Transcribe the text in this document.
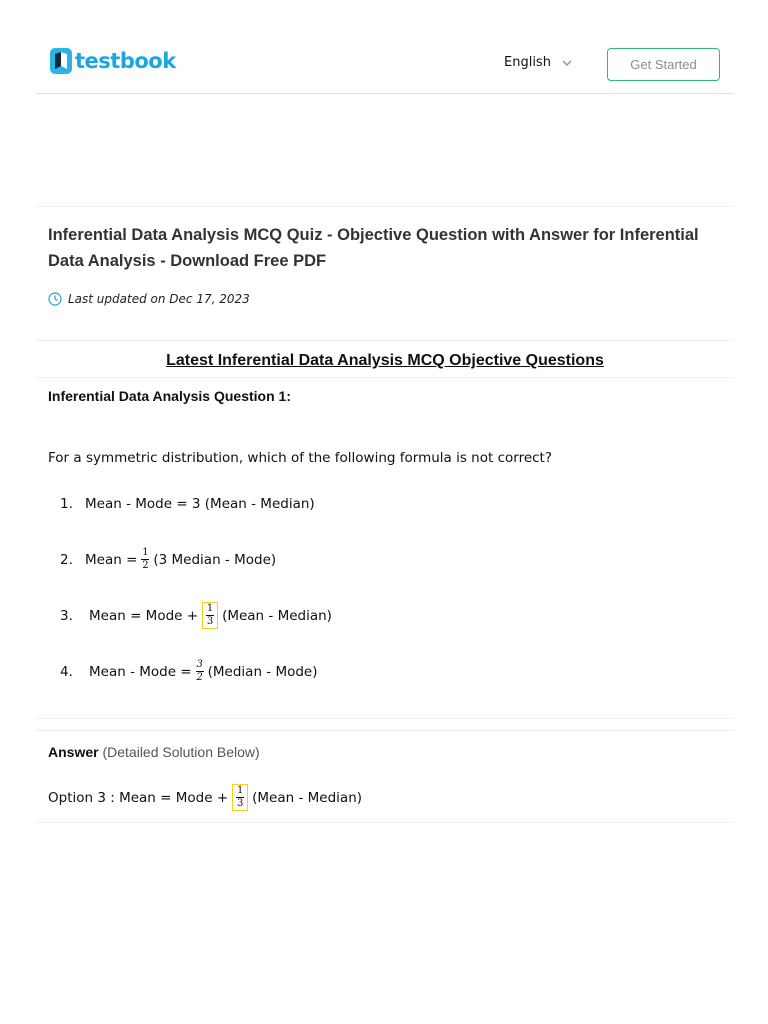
testbook	English	Get Started
Inferential Data Analysis MCQ Quiz - Objective Question with Answer for Inferential Data Analysis - Download Free PDF
Last updated on Dec 17, 2023
Latest Inferential Data Analysis MCQ Objective Questions
Inferential Data Analysis Question 1:
For a symmetric distribution, which of the following formula is not correct?
1. Mean - Mode = 3 (Mean - Median)
2. Mean = $\frac{1}{2} (3$ Median - Mode)
3.	Mean = Mode + $\frac{1}{3}$ (Mean - Median)
4.	Mean - Mode = $\frac{3}{2}$ (Median - Mode)
Answer (Detailed Solution Below)
Option 3 : Mean = Mode + $\frac{1}{3}$ (Mean - Median)
